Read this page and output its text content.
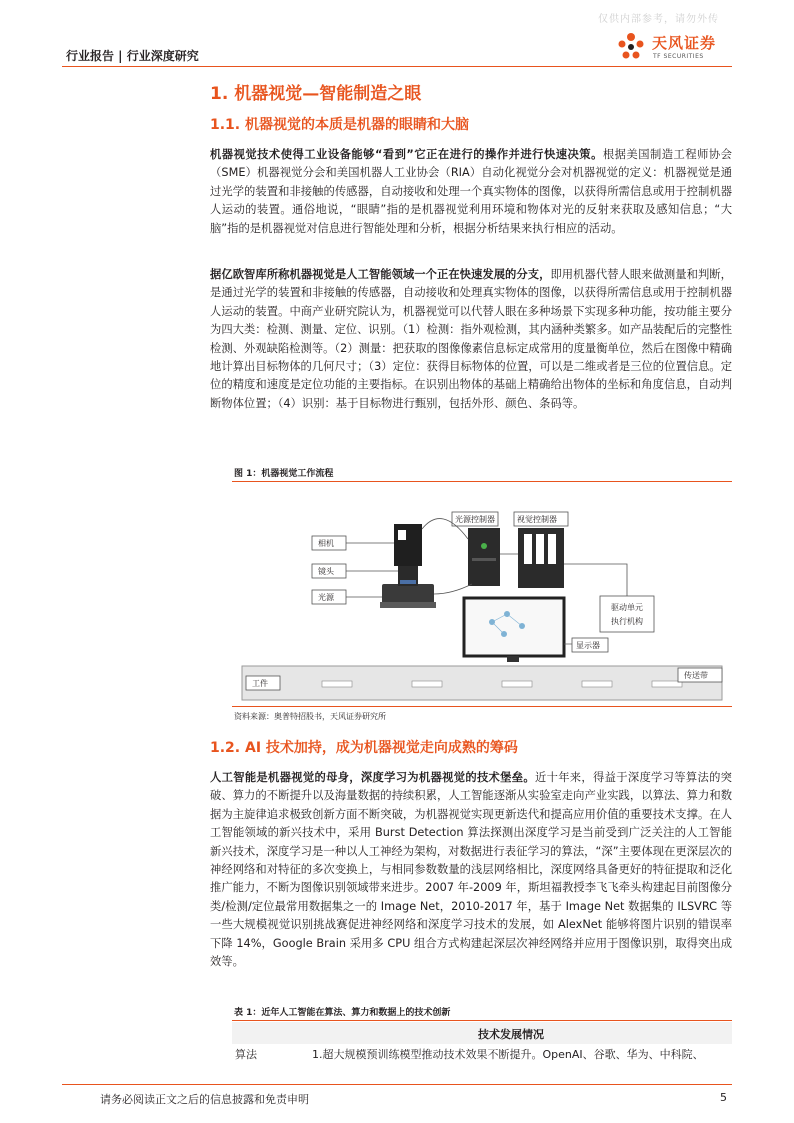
仅供内部参考，请勿外传
行业报告 | 行业深度研究
天风证券
TF SECURITIES
1. 机器视觉—智能制造之眼
1.1. 机器视觉的本质是机器的眼睛和大脑
机器视觉技术使得工业设备能够“看到”它正在进行的操作并进行快速决策。根据美国制造工程师协会（SME）机器视觉分会和美国机器人工业协会（RIA）自动化视觉分会对机器视觉的定义：机器视觉是通过光学的装置和非接触的传感器，自动接收和处理一个真实物体的图像，以获得所需信息或用于控制机器人运动的装置。通俗地说，“眼睛”指的是机器视觉利用环境和物体对光的反射来获取及感知信息；“大脑”指的是机器视觉对信息进行智能处理和分析，根据分析结果来执行相应的活动。
据亿欧智库所称机器视觉是人工智能领域一个正在快速发展的分支，即用机器代替人眼来做测量和判断，是通过光学的装置和非接触的传感器，自动接收和处理真实物体的图像，以获得所需信息或用于控制机器人运动的装置。中商产业研究院认为，机器视觉可以代替人眼在多种场景下实现多种功能，按功能主要分为四大类：检测、测量、定位、识别。（1）检测：指外观检测，其内涵种类繁多。如产品装配后的完整性检测、外观缺陷检测等。（2）测量：把获取的图像像素信息标定成常用的度量衡单位，然后在图像中精确地计算出目标物体的几何尺寸；（3）定位：获得目标物体的位置，可以是二维或者是三位的位置信息。定位的精度和速度是定位功能的主要指标。在识别出物体的基础上精确给出物体的坐标和角度信息，自动判断物体位置；（4）识别：基于目标物进行甄别，包括外形、颜色、条码等。
图 1：机器视觉工作流程
相机
镜头
光源
光源控制器	视觉控制器
显示器
驱动单元
执行机构
工件
传送带
资料来源：奥普特招股书，天风证券研究所
1.2. AI 技术加持，成为机器视觉走向成熟的筹码
人工智能是机器视觉的母身，深度学习为机器视觉的技术堡垒。近十年来，得益于深度学习等算法的突破、算力的不断提升以及海量数据的持续积累，人工智能逐渐从实验室走向产业实践，以算法、算力和数据为主旋律追求极致创新方面不断突破，为机器视觉实现更新迭代和提高应用价值的重要技术支撑。在人工智能领域的新兴技术中，采用 Burst Detection 算法探测出深度学习是当前受到广泛关注的人工智能新兴技术，深度学习是一种以人工神经为架构，对数据进行表征学习的算法，“深”主要体现在更深层次的神经网络和对特征的多次变换上，与相同参数数量的浅层网络相比，深度网络具备更好的特征提取和泛化推广能力，不断为图像识别领域带来进步。2007 年-2009 年，斯坦福教授李飞飞牵头构建起目前图像分类/检测/定位最常用数据集之一的 Image Net，2010-2017 年，基于 Image Net 数据集的 ILSVRC 等一些大规模视觉识别挑战赛促进神经网络和深度学习技术的发展，如 AlexNet 能够将图片识别的错误率下降 14%，Google Brain 采用多 CPU 组合方式构建起深层次神经网络并应用于图像识别，取得突出成效等。
表 1：近年人工智能在算法、算力和数据上的技术创新
技术发展情况
算法	1.超大规模预训练模型推动技术效果不断提升。OpenAI、谷歌、华为、中科院、
请务必阅读正文之后的信息披露和免责申明	5
